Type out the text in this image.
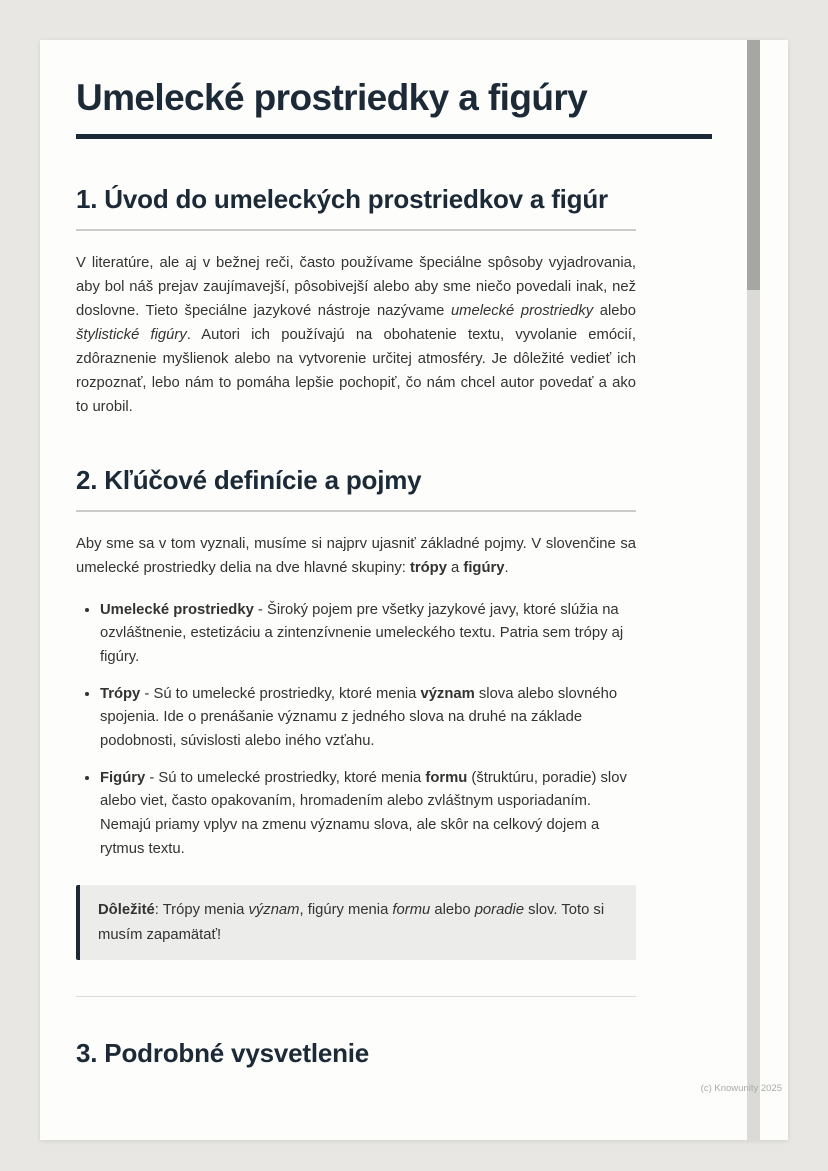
Umelecké prostriedky a figúry
1. Úvod do umeleckých prostriedkov a figúr

V literatúre, ale aj v bežnej reči, často používame špeciálne spôsoby vyjadrovania, aby bol náš prejav zaujímavejší, pôsobivejší alebo aby sme niečo povedali inak, než doslovne. Tieto špeciálne jazykové nástroje nazývame umelecké prostriedky alebo štylistické figúry. Autori ich používajú na obohatenie textu, vyvolanie emócií, zdôraznenie myšlienok alebo na vytvorenie určitej atmosféry. Je dôležité vedieť ich rozpoznať, lebo nám to pomáha lepšie pochopiť, čo nám chcel autor povedať a ako to urobil.

2. Kľúčové definície a pojmy

Aby sme sa v tom vyznali, musíme si najprv ujasniť základné pojmy. V slovenčine sa umelecké prostriedky delia na dve hlavné skupiny: trópy a figúry.

• Umelecké prostriedky - Široký pojem pre všetky jazykové javy, ktoré slúžia na ozvláštnenie, estetizáciu a zintenzívnenie umeleckého textu. Patria sem trópy aj figúry.
• Trópy - Sú to umelecké prostriedky, ktoré menia význam slova alebo slovného spojenia. Ide o prenášanie významu z jedného slova na druhé na základe podobnosti, súvislosti alebo iného vzťahu.
• Figúry - Sú to umelecké prostriedky, ktoré menia formu (štruktúru, poradie) slov alebo viet, často opakovaním, hromadením alebo zvláštnym usporiadaním. Nemajú priamy vplyv na zmenu významu slova, ale skôr na celkový dojem a rytmus textu.

Dôležité: Trópy menia význam, figúry menia formu alebo poradie slov. Toto si musím zapamätať!

3. Podrobné vysvetlenie
(c) Knowunity 2025
